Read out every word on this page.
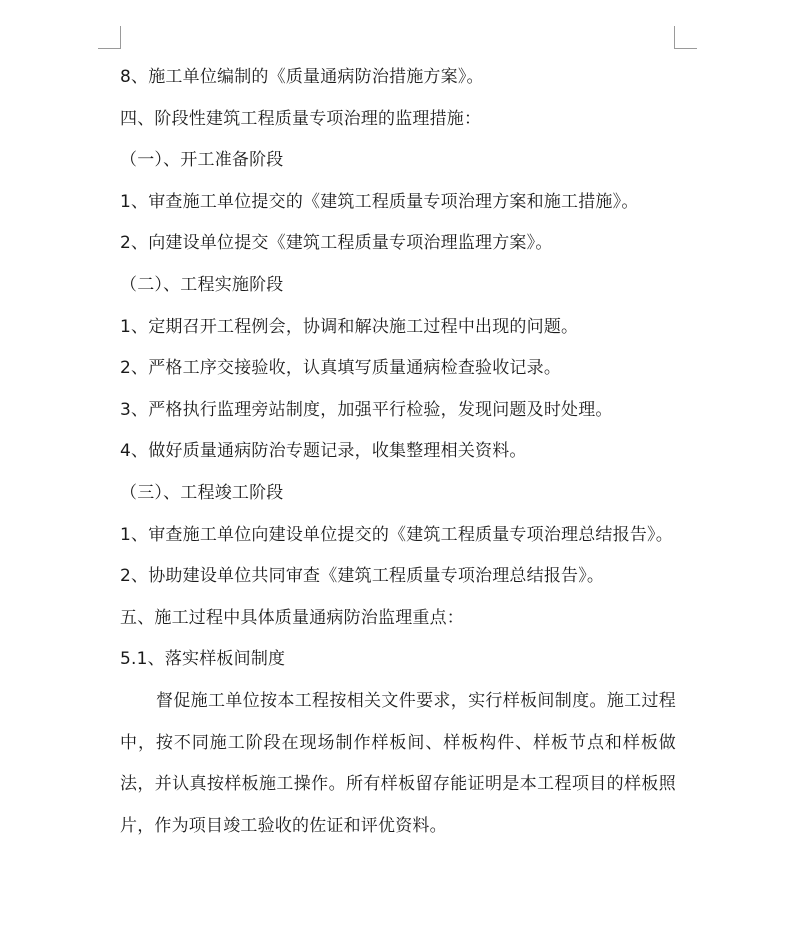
8、施工单位编制的《质量通病防治措施方案》。
四、阶段性建筑工程质量专项治理的监理措施：
（一）、开工准备阶段
1、审查施工单位提交的《建筑工程质量专项治理方案和施工措施》。
2、向建设单位提交《建筑工程质量专项治理监理方案》。
（二）、工程实施阶段
1、定期召开工程例会，协调和解决施工过程中出现的问题。
2、严格工序交接验收，认真填写质量通病检查验收记录。
3、严格执行监理旁站制度，加强平行检验，发现问题及时处理。
4、做好质量通病防治专题记录，收集整理相关资料。
（三）、工程竣工阶段
1、审查施工单位向建设单位提交的《建筑工程质量专项治理总结报告》。
2、协助建设单位共同审查《建筑工程质量专项治理总结报告》。
五、施工过程中具体质量通病防治监理重点：
5.1、落实样板间制度
督促施工单位按本工程按相关文件要求，实行样板间制度。施工过程中，按不同施工阶段在现场制作样板间、样板构件、样板节点和样板做法，并认真按样板施工操作。所有样板留存能证明是本工程项目的样板照片，作为项目竣工验收的佐证和评优资料。
